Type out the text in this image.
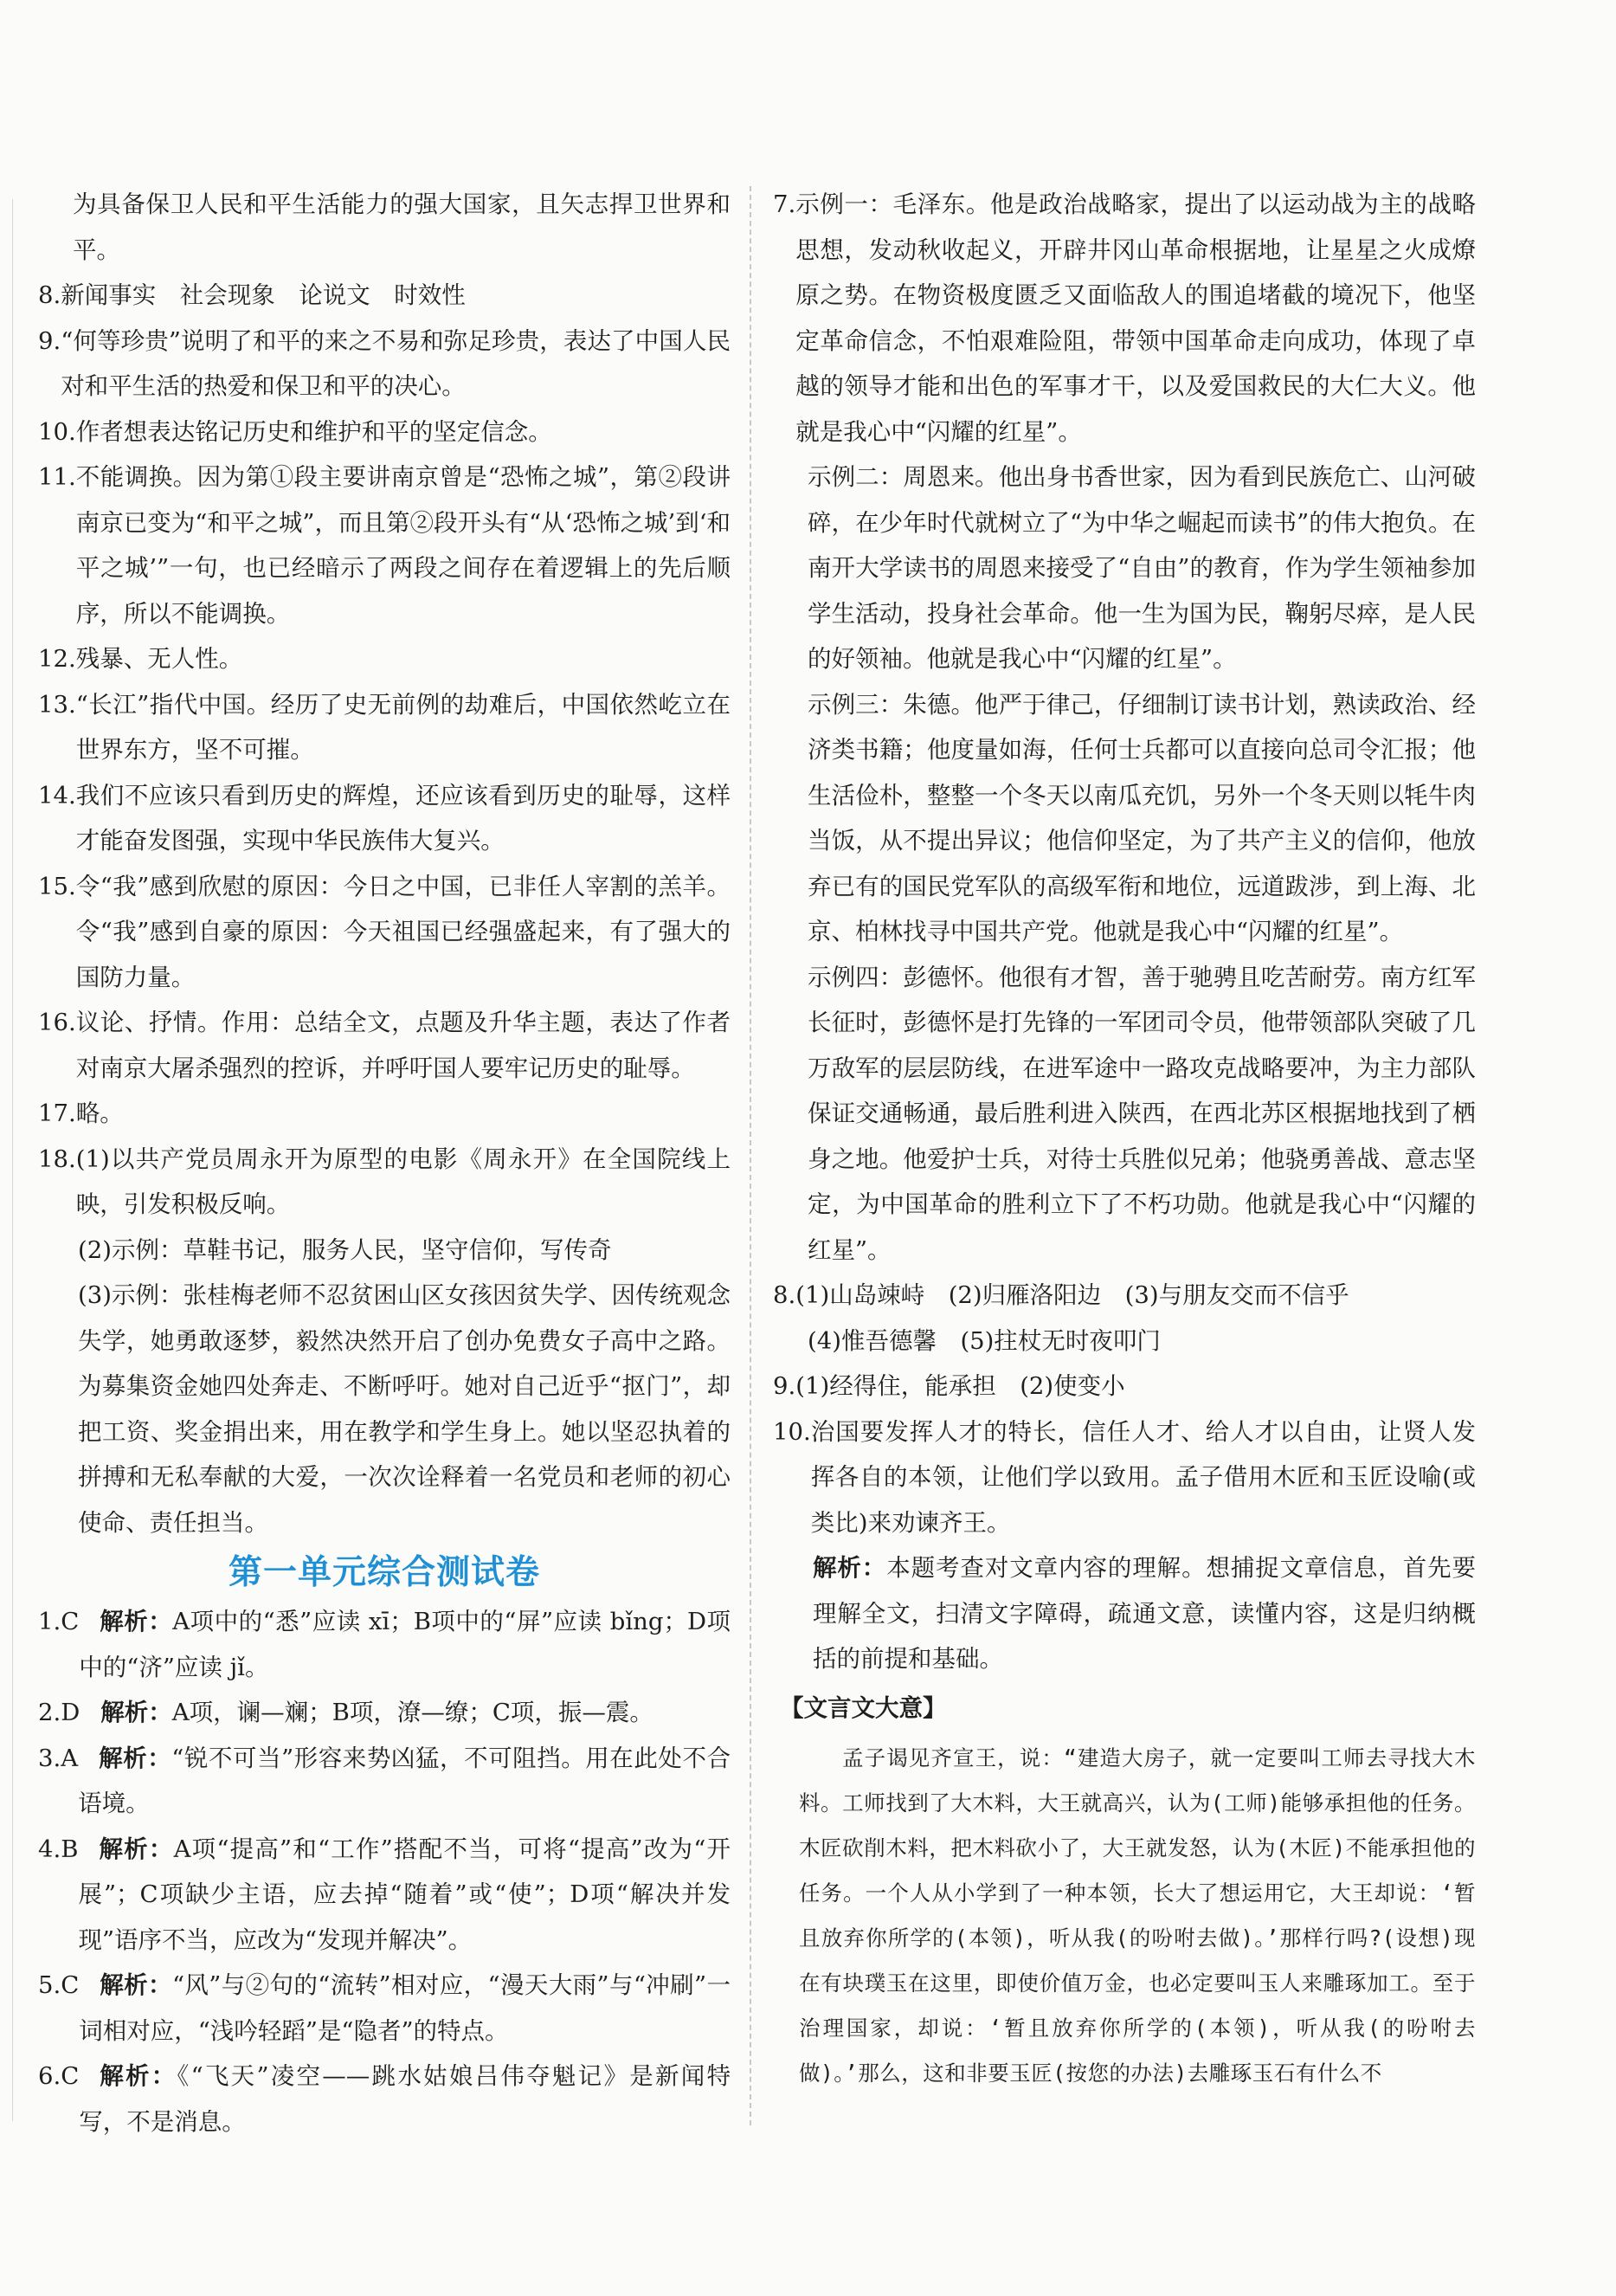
为具备保卫人民和平生活能力的强大国家，且矢志捍卫世界和平。

8. 新闻事实　社会现象　论说文　时效性
9. “何等珍贵”说明了和平的来之不易和弥足珍贵，表达了中国人民对和平生活的热爱和保卫和平的决心。
10. 作者想表达铭记历史和维护和平的坚定信念。
11. 不能调换。因为第①段主要讲南京曾是“恐怖之城”，第②段讲南京已变为“和平之城”，而且第②段开头有“从‘恐怖之城’到‘和平之城’”一句，也已经暗示了两段之间存在着逻辑上的先后顺序，所以不能调换。
12. 残暴、无人性。
13. “长江”指代中国。经历了史无前例的劫难后，中国依然屹立在世界东方，坚不可摧。
14. 我们不应该只看到历史的辉煌，还应该看到历史的耻辱，这样才能奋发图强，实现中华民族伟大复兴。
15. 令“我”感到欣慰的原因：今日之中国，已非任人宰割的羔羊。令“我”感到自豪的原因：今天祖国已经强盛起来，有了强大的国防力量。
16. 议论、抒情。作用：总结全文，点题及升华主题，表达了作者对南京大屠杀强烈的控诉，并呼吁国人要牢记历史的耻辱。
17. 略。
18. (1)以共产党员周永开为原型的电影《周永开》在全国院线上映，引发积极反响。

(2)示例：草鞋书记，服务人民，坚守信仰，写传奇

(3)示例：张桂梅老师不忍贫困山区女孩因贫失学、因传统观念失学，她勇敢逐梦，毅然决然开启了创办免费女子高中之路。为募集资金她四处奔走、不断呼吁。她对自己近乎“抠门”，却把工资、奖金捐出来，用在教学和学生身上。她以坚忍执着的拼搏和无私奉献的大爱，一次次诠释着一名党员和老师的初心使命、责任担当。

第一单元综合测试卷
1.C 解析：A项中的“悉”应读 xī；B项中的“屏”应读 bǐng；D项中的“济”应读 jǐ。
2.D 解析：A项，谰—斓；B项，潦—缭；C项，振—震。
3.A 解析：“锐不可当”形容来势凶猛，不可阻挡。用在此处不合语境。
4.B 解析：A项“提高”和“工作”搭配不当，可将“提高”改为“开展”；C项缺少主语，应去掉“随着”或“使”；D项“解决并发现”语序不当，应改为“发现并解决”。
5.C 解析：“风”与②句的“流转”相对应，“漫天大雨”与“冲刷”一词相对应，“浅吟轻蹈”是“隐者”的特点。
6.C 解析：《“飞天”凌空——跳水姑娘吕伟夺魁记》是新闻特写，不是消息。
7. 示例一：毛泽东。他是政治战略家，提出了以运动战为主的战略思想，发动秋收起义，开辟井冈山革命根据地，让星星之火成燎原之势。在物资极度匮乏又面临敌人的围追堵截的境况下，他坚定革命信念，不怕艰难险阻，带领中国革命走向成功，体现了卓越的领导才能和出色的军事才干，以及爱国救民的大仁大义。他就是我心中“闪耀的红星”。

示例二：周恩来。他出身书香世家，因为看到民族危亡、山河破碎，在少年时代就树立了“为中华之崛起而读书”的伟大抱负。在南开大学读书的周恩来接受了“自由”的教育，作为学生领袖参加学生活动，投身社会革命。他一生为国为民，鞠躬尽瘁，是人民的好领袖。他就是我心中“闪耀的红星”。

示例三：朱德。他严于律己，仔细制订读书计划，熟读政治、经济类书籍；他度量如海，任何士兵都可以直接向总司令汇报；他生活俭朴，整整一个冬天以南瓜充饥，另外一个冬天则以牦牛肉当饭，从不提出异议；他信仰坚定，为了共产主义的信仰，他放弃已有的国民党军队的高级军衔和地位，远道跋涉，到上海、北京、柏林找寻中国共产党。他就是我心中“闪耀的红星”。

示例四：彭德怀。他很有才智，善于驰骋且吃苦耐劳。南方红军长征时，彭德怀是打先锋的一军团司令员，他带领部队突破了几万敌军的层层防线，在进军途中一路攻克战略要冲，为主力部队保证交通畅通，最后胜利进入陕西，在西北苏区根据地找到了栖身之地。他爱护士兵，对待士兵胜似兄弟；他骁勇善战、意志坚定，为中国革命的胜利立下了不朽功勋。他就是我心中“闪耀的红星”。

8. (1)山岛竦峙　(2)归雁洛阳边　(3)与朋友交而不信乎

(4)惟吾德馨　(5)拄杖无时夜叩门

9. (1)经得住，能承担　(2)使变小
10. 治国要发挥人才的特长，信任人才、给人才以自由，让贤人发挥各自的本领，让他们学以致用。孟子借用木匠和玉匠设喻(或类比)来劝谏齐王。

解析：本题考查对文章内容的理解。想捕捉文章信息，首先要理解全文，扫清文字障碍，疏通文意，读懂内容，这是归纳概括的前提和基础。

【文言文大意】
孟子谒见齐宣王，说：“建造大房子，就一定要叫工师去寻找大木料。工师找到了大木料，大王就高兴，认为(工师)能够承担他的任务。木匠砍削木料，把木料砍小了，大王就发怒，认为(木匠)不能承担他的任务。一个人从小学到了一种本领，长大了想运用它，大王却说：‘暂且放弃你所学的(本领)，听从我(的吩咐去做)。’那样行吗?(设想)现在有块璞玉在这里，即使价值万金，也必定要叫玉人来雕琢加工。至于治理国家，却说：‘暂且放弃你所学的(本领)，听从我(的吩咐去做)。’那么，这和非要玉匠(按您的办法)去雕琢玉石有什么不
